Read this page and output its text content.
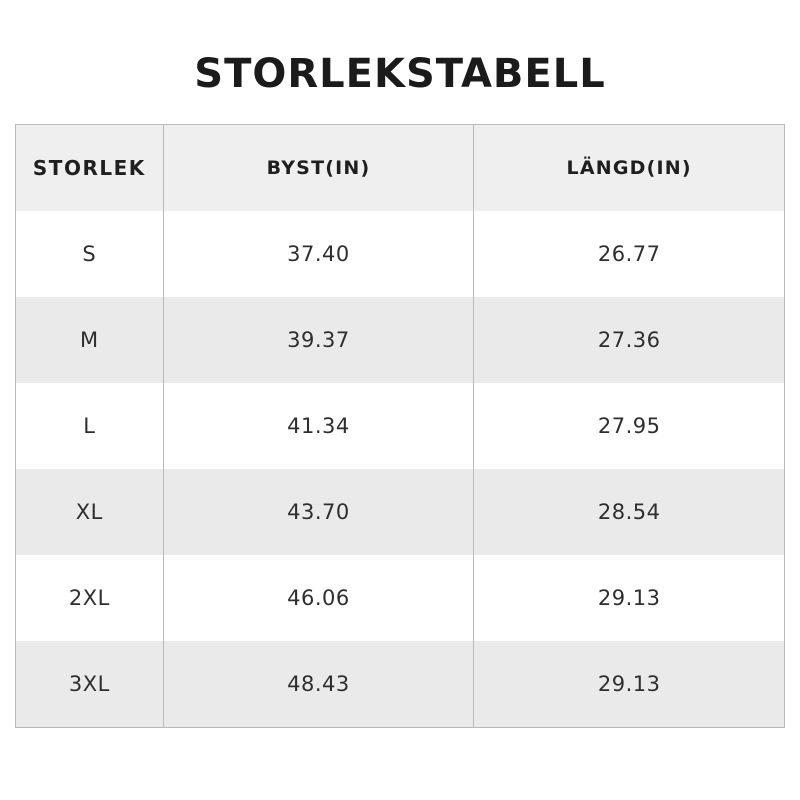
STORLEKSTABELL
STORLEK	BYST(IN)	LÄNGD(IN)
S	37.40	26.77
M	39.37	27.36
L	41.34	27.95
XL	43.70	28.54
2XL	46.06	29.13
3XL	48.43	29.13
